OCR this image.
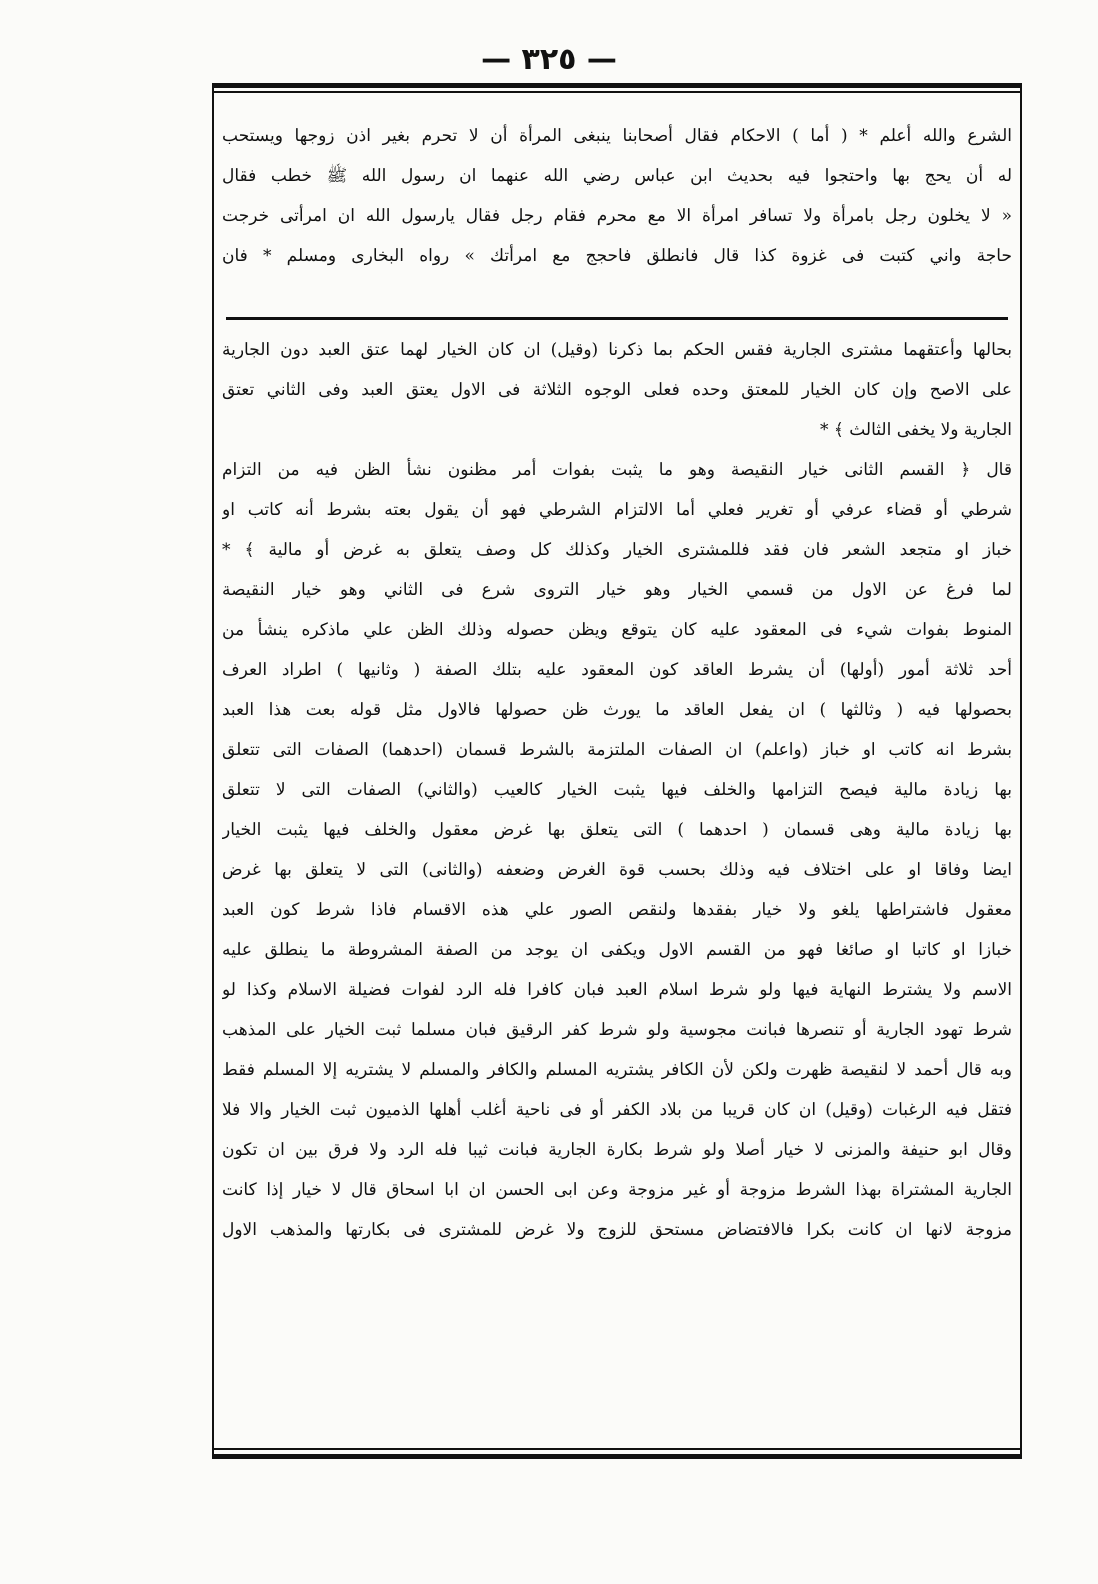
— ٣٢٥ —
الشرع والله أعلم * ( أما ) الاحكام فقال أصحابنا ينبغى المرأة أن لا تحرم بغير اذن زوجها ويستحب
له أن يحج بها واحتجوا فيه بحديث ابن عباس رضي الله عنهما ان رسول الله ﷺ خطب فقال
« لا يخلون رجل بامرأة ولا تسافر امرأة الا مع محرم فقام رجل فقال يارسول الله ان امرأتى خرجت
حاجة واني كتبت فى غزوة كذا قال فانطلق فاحجج مع امرأتك » رواه البخارى ومسلم * فان
بحالها وأعتقهما مشترى الجارية فقس الحكم بما ذكرنا (وقيل) ان كان الخيار لهما عتق العبد دون الجارية
على الاصح وإن كان الخيار للمعتق وحده فعلى الوجوه الثلاثة فى الاول يعتق العبد وفى الثاني تعتق
الجارية ولا يخفى الثالث ﴾ *
قال ﴿ القسم الثانى خيار النقيصة وهو ما يثبت بفوات أمر مظنون نشأ الظن فيه من التزام
شرطي أو قضاء عرفي أو تغرير فعلي أما الالتزام الشرطي فهو أن يقول بعته بشرط أنه كاتب او
خباز او متجعد الشعر فان فقد فللمشترى الخيار وكذلك كل وصف يتعلق به غرض أو مالية ﴾ *
لما فرغ عن الاول من قسمي الخيار وهو خيار التروى شرع فى الثاني وهو خيار النقيصة
المنوط بفوات شيء فى المعقود عليه كان يتوقع ويظن حصوله وذلك الظن علي ماذكره ينشأ من
أحد ثلاثة أمور (أولها) أن يشرط العاقد كون المعقود عليه بتلك الصفة ( وثانيها ) اطراد العرف
بحصولها فيه ( وثالثها ) ان يفعل العاقد ما يورث ظن حصولها فالاول مثل قوله بعت هذا العبد
بشرط انه كاتب او خباز (واعلم) ان الصفات الملتزمة بالشرط قسمان (احدهما) الصفات التى تتعلق
بها زيادة مالية فيصح التزامها والخلف فيها يثبت الخيار كالعيب (والثاني) الصفات التى لا تتعلق
بها زيادة مالية وهى قسمان ( احدهما ) التى يتعلق بها غرض معقول والخلف فيها يثبت الخيار
ايضا وفاقا او على اختلاف فيه وذلك بحسب قوة الغرض وضعفه (والثانى) التى لا يتعلق بها غرض
معقول فاشتراطها يلغو ولا خيار بفقدها ولنقص الصور علي هذه الاقسام فاذا شرط كون العبد
خبازا او كاتبا او صائغا فهو من القسم الاول ويكفى ان يوجد من الصفة المشروطة ما ينطلق عليه
الاسم ولا يشترط النهاية فيها ولو شرط اسلام العبد فبان كافرا فله الرد لفوات فضيلة الاسلام وكذا لو
شرط تهود الجارية أو تنصرها فبانت مجوسية ولو شرط كفر الرقيق فبان مسلما ثبت الخيار على المذهب
وبه قال أحمد لا لنقيصة ظهرت ولكن لأن الكافر يشتريه المسلم والكافر والمسلم لا يشتريه إلا المسلم فقط
فتقل فيه الرغبات (وقيل) ان كان قريبا من بلاد الكفر أو فى ناحية أغلب أهلها الذميون ثبت الخيار والا فلا
وقال ابو حنيفة والمزنى لا خيار أصلا ولو شرط بكارة الجارية فبانت ثيبا فله الرد ولا فرق بين ان تكون
الجارية المشتراة بهذا الشرط مزوجة أو غير مزوجة وعن ابى الحسن ان ابا اسحاق قال لا خيار إذا كانت
مزوجة لانها ان كانت بكرا فالافتضاض مستحق للزوج ولا غرض للمشترى فى بكارتها والمذهب الاول
